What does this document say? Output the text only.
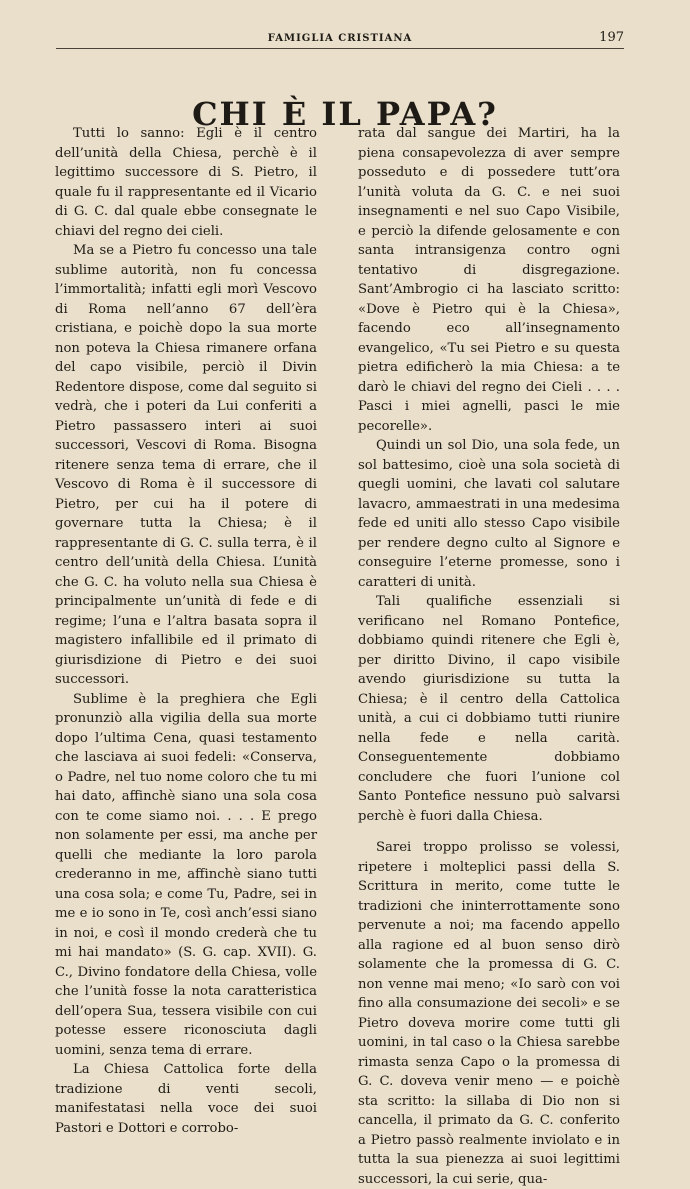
FAMIGLIA CRISTIANA	197
CHI È IL PAPA?

Tutti lo sanno: Egli è il centro dell’unità della Chiesa, perchè è il legittimo successore di S. Pietro, il quale fu il rappresentante ed il Vicario di G. C. dal quale ebbe consegnate le chiavi del regno dei cieli.

Ma se a Pietro fu concesso una tale sublime autorità, non fu concessa l’immortalità; infatti egli morì Vescovo di Roma nell’anno 67 dell’èra cristiana, e poichè dopo la sua morte non poteva la Chiesa rimanere orfana del capo visibile, perciò il Divin Redentore dispose, come dal seguito si vedrà, che i poteri da Lui conferiti a Pietro passassero interi ai suoi successori, Vescovi di Roma. Bisogna ritenere senza tema di errare, che il Vescovo di Roma è il successore di Pietro, per cui ha il potere di governare tutta la Chiesa; è il rappresentante di G. C. sulla terra, è il centro dell’unità della Chiesa. L’unità che G. C. ha voluto nella sua Chiesa è principalmente un’unità di fede e di regime; l’una e l’altra basata sopra il magistero infallibile ed il primato di giurisdizione di Pietro e dei suoi successori.

Sublime è la preghiera che Egli pronunziò alla vigilia della sua morte dopo l’ultima Cena, quasi testamento che lasciava ai suoi fedeli: «Conserva, o Padre, nel tuo nome coloro che tu mi hai dato, affinchè siano una sola cosa con te come siamo noi. . . . E prego non solamente per essi, ma anche per quelli che mediante la loro parola crederanno in me, affinchè siano tutti una cosa sola; e come Tu, Padre, sei in me e io sono in Te, così anch’essi siano in noi, e così il mondo crederà che tu mi hai mandato» (S. G. cap. XVII). G. C., Divino fondatore della Chiesa, volle che l’unità fosse la nota caratteristica dell’opera Sua, tessera visibile con cui potesse essere riconosciuta dagli uomini, senza tema di errare.

La Chiesa Cattolica forte della tradizione di venti secoli, manifestatasi nella voce dei suoi Pastori e Dottori e corrobo-

rata dal sangue dei Martiri, ha la piena consapevolezza di aver sempre posseduto e di possedere tutt’ora l’unità voluta da G. C. e nei suoi insegnamenti e nel suo Capo Visibile, e perciò la difende gelosamente e con santa intransigenza contro ogni tentativo di disgregazione. Sant’Ambrogio ci ha lasciato scritto: «Dove è Pietro qui è la Chiesa», facendo eco all’insegnamento evangelico, «Tu sei Pietro e su questa pietra edificherò la mia Chiesa: a te darò le chiavi del regno dei Cieli . . . . Pasci i miei agnelli, pasci le mie pecorelle».

Quindi un sol Dio, una sola fede, un sol battesimo, cioè una sola società di quegli uomini, che lavati col salutare lavacro, ammaestrati in una medesima fede ed uniti allo stesso Capo visibile per rendere degno culto al Signore e conseguire l’eterne promesse, sono i caratteri di unità.

Tali qualifiche essenziali si verificano nel Romano Pontefice, dobbiamo quindi ritenere che Egli è, per diritto Divino, il capo visibile avendo giurisdizione su tutta la Chiesa; è il centro della Cattolica unità, a cui ci dobbiamo tutti riunire nella fede e nella carità. Conseguentemente dobbiamo concludere che fuori l’unione col Santo Pontefice nessuno può salvarsi perchè è fuori dalla Chiesa.

Sarei troppo prolisso se volessi, ripetere i molteplici passi della S. Scrittura in merito, come tutte le tradizioni che ininterrottamente sono pervenute a noi; ma facendo appello alla ragione ed al buon senso dirò solamente che la promessa di G. C. non venne mai meno; «Io sarò con voi fino alla consumazione dei secoli» e se Pietro doveva morire come tutti gli uomini, in tal caso o la Chiesa sarebbe rimasta senza Capo o la promessa di G. C. doveva venir meno — e poichè sta scritto: la sillaba di Dio non si cancella, il primato da G. C. conferito a Pietro passò realmente inviolato e in tutta la sua pienezza ai suoi legittimi successori, la cui serie, qua-
